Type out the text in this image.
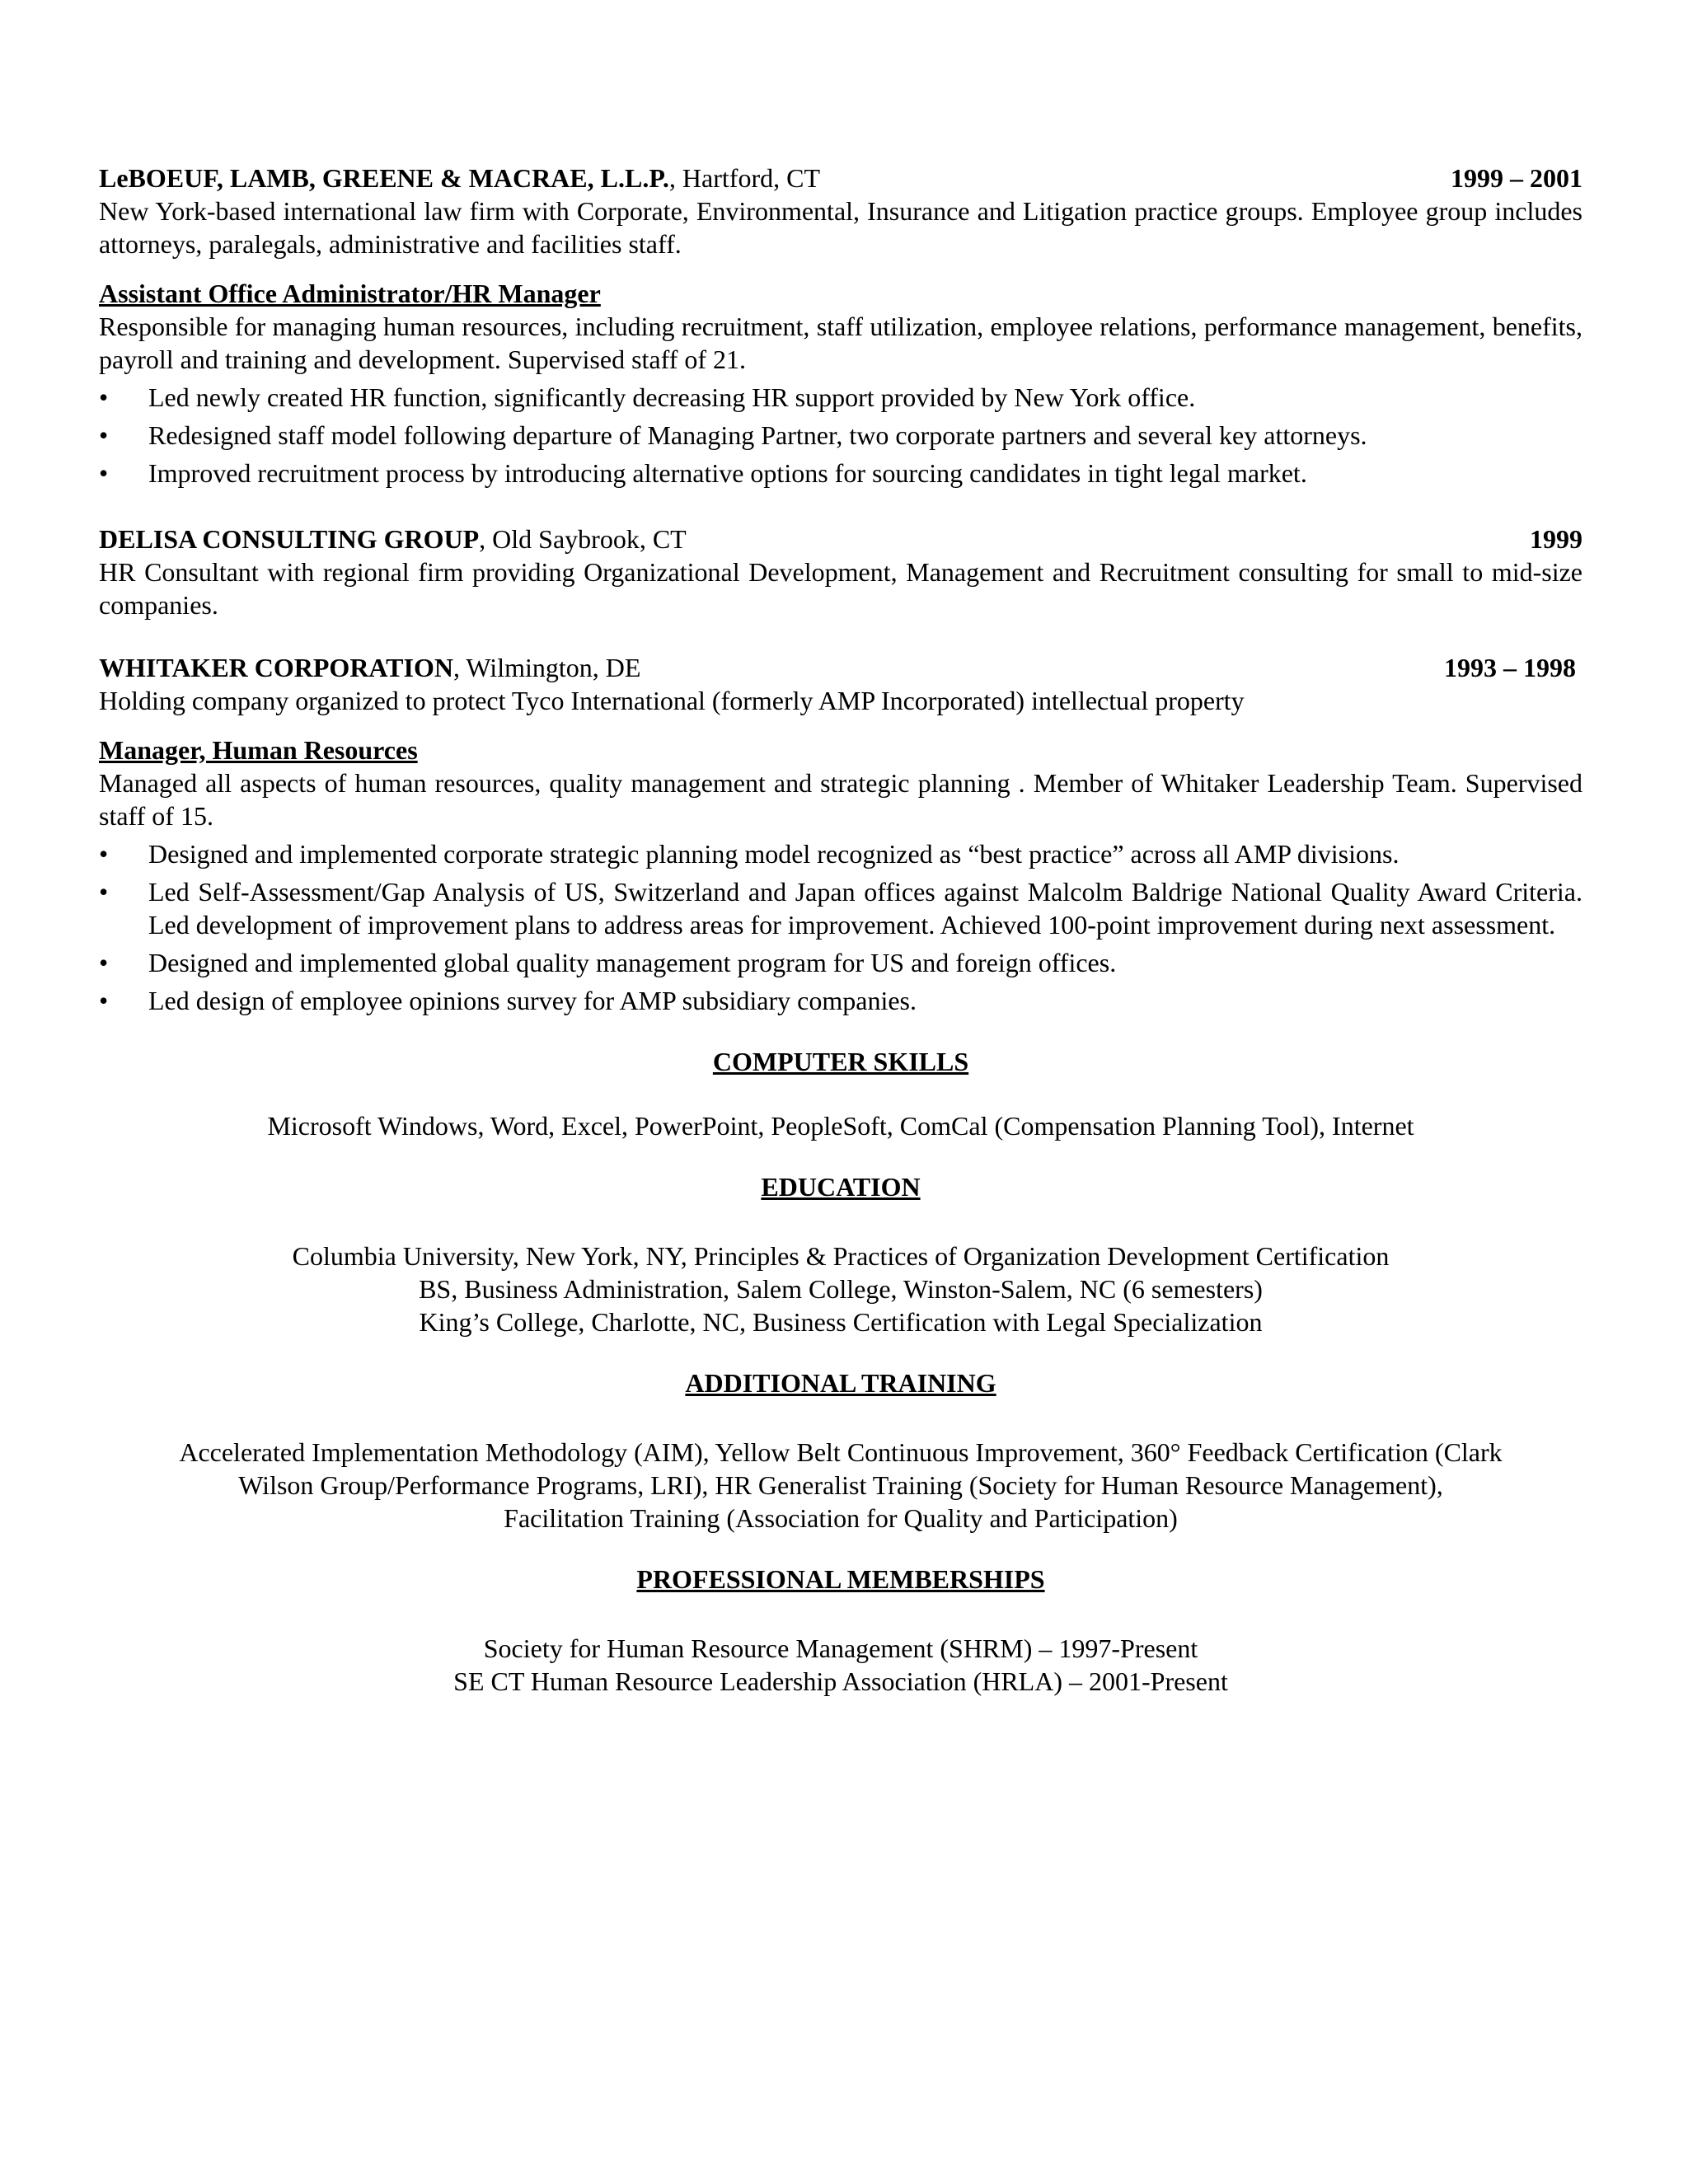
LeBOEUF, LAMB, GREENE & MACRAE, L.L.P., Hartford, CT	1999 – 2001

New York-based international law firm with Corporate, Environmental, Insurance and Litigation practice groups. Employee group includes attorneys, paralegals, administrative and facilities staff.

Assistant Office Administrator/HR Manager

Responsible for managing human resources, including recruitment, staff utilization, employee relations, performance management, benefits, payroll and training and development. Supervised staff of 21.

• Led newly created HR function, significantly decreasing HR support provided by New York office.
• Redesigned staff model following departure of Managing Partner, two corporate partners and several key attorneys.
• Improved recruitment process by introducing alternative options for sourcing candidates in tight legal market.
DELISA CONSULTING GROUP, Old Saybrook, CT	1999

HR Consultant with regional firm providing Organizational Development, Management and Recruitment consulting for small to mid-size companies.

WHITAKER CORPORATION, Wilmington, DE	1993 – 1998

Holding company organized to protect Tyco International (formerly AMP Incorporated) intellectual property

Manager, Human Resources

Managed all aspects of human resources, quality management and strategic planning . Member of Whitaker Leadership Team. Supervised staff of 15.

• Designed and implemented corporate strategic planning model recognized as “best practice” across all AMP divisions.
• Led Self-Assessment/Gap Analysis of US, Switzerland and Japan offices against Malcolm Baldrige National Quality Award Criteria. Led development of improvement plans to address areas for improvement. Achieved 100-point improvement during next assessment.
• Designed and implemented global quality management program for US and foreign offices.
• Led design of employee opinions survey for AMP subsidiary companies.
COMPUTER SKILLS
Microsoft Windows, Word, Excel, PowerPoint, PeopleSoft, ComCal (Compensation Planning Tool), Internet
EDUCATION
Columbia University, New York, NY, Principles & Practices of Organization Development Certification
BS, Business Administration, Salem College, Winston-Salem, NC (6 semesters)
King’s College, Charlotte, NC, Business Certification with Legal Specialization
ADDITIONAL TRAINING
Accelerated Implementation Methodology (AIM), Yellow Belt Continuous Improvement, 360° Feedback Certification (Clark
Wilson Group/Performance Programs, LRI), HR Generalist Training (Society for Human Resource Management),
Facilitation Training (Association for Quality and Participation)
PROFESSIONAL MEMBERSHIPS
Society for Human Resource Management (SHRM) – 1997-Present
SE CT Human Resource Leadership Association (HRLA) – 2001-Present
